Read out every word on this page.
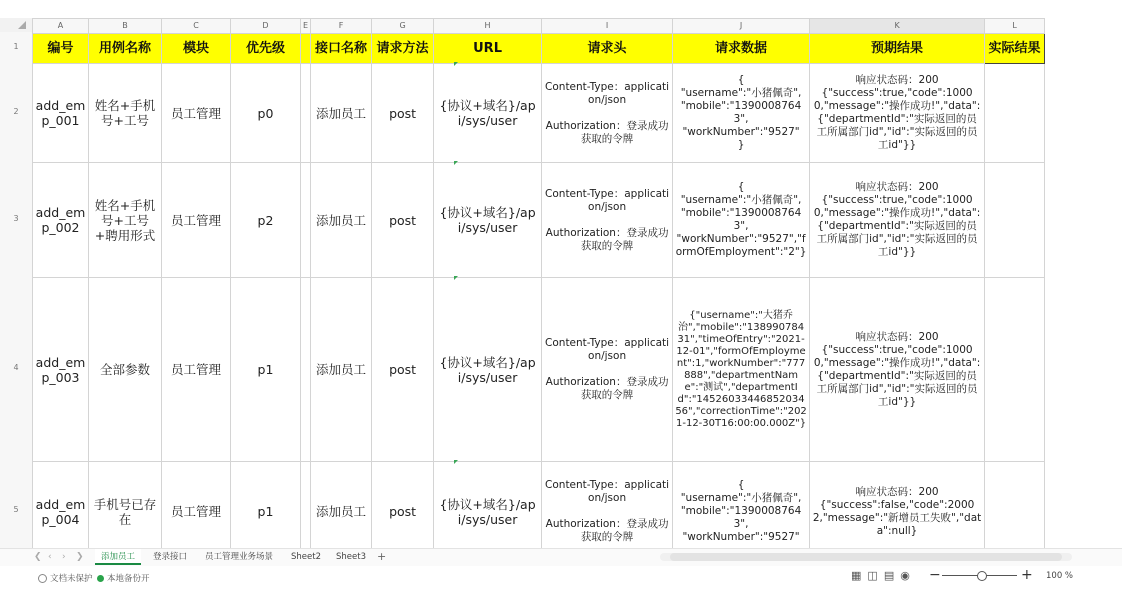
1
2
3
4
5
A	B	C	D	E	F	G	H	I	J	K	L
编号	用例名称	模块	优先级		接口名称	请求方法	URL	请求头	请求数据	预期结果	实际结果
add_emp_001	姓名+手机号+工号	员工管理	p0		添加员工	post	{协议+域名}/api/sys/user	Content-Type：application/json

Authorization：登录成功获取的令牌	{
"username":"小猪佩奇",
"mobile":"13900087643",
"workNumber":"9527"
}	响应状态码：200
{"success":true,"code":10000,"message":"操作成功!","data":{"departmentId":"实际返回的员工所属部门id","id":"实际返回的员工id"}}	
add_emp_002	姓名+手机号+工号+聘用形式	员工管理	p2		添加员工	post	{协议+域名}/api/sys/user	Content-Type：application/json

Authorization：登录成功获取的令牌	{
"username":"小猪佩奇",
"mobile":"13900087643",
"workNumber":"9527","formOfEmployment":"2"}	响应状态码：200
{"success":true,"code":10000,"message":"操作成功!","data":{"departmentId":"实际返回的员工所属部门id","id":"实际返回的员工id"}}	
add_emp_003	全部参数	员工管理	p1		添加员工	post	{协议+域名}/api/sys/user	Content-Type：application/json

Authorization：登录成功获取的令牌	{"username":"大猪乔治","mobile":"13899078431","timeOfEntry":"2021-12-01","formOfEmployment":1,"workNumber":"777888","departmentName":"测试","departmentId":"1452603344685203456","correctionTime":"2021-12-30T16:00:00.000Z"}	响应状态码：200
{"success":true,"code":10000,"message":"操作成功!","data":{"departmentId":"实际返回的员工所属部门id","id":"实际返回的员工id"}}	
add_emp_004	手机号已存在	员工管理	p1		添加员工	post	{协议+域名}/api/sys/user	Content-Type：application/json

Authorization：登录成功获取的令牌	{
"username":"小猪佩奇",
"mobile":"13900087643",
"workNumber":"9527"	响应状态码：200
{"success":false,"code":20002,"message":"新增员工失败","data":null}	
❮ ‹ › ❯	添加员工	登录接口	员工管理业务场景	Sheet2	Sheet3	+
文档未保护 本地备份开	▦ ◫ ▤ ◉ −	+ 100 %
